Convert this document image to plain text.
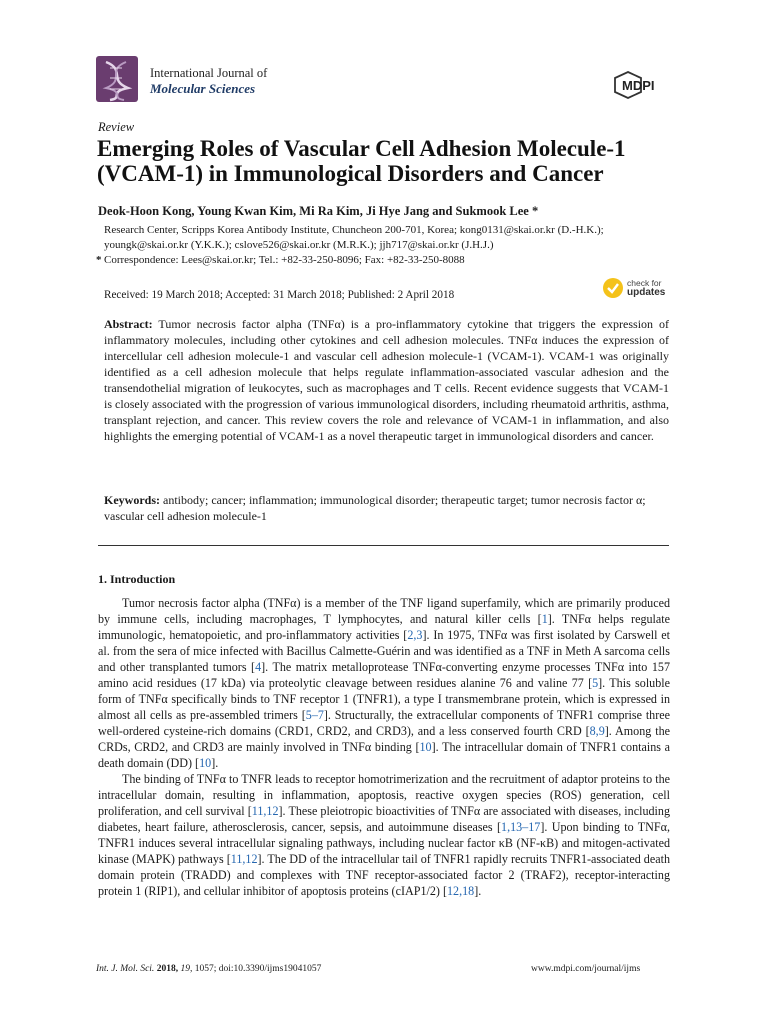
International Journal of
Molecular Sciences	MDPI
Review
Emerging Roles of Vascular Cell Adhesion Molecule-1
(VCAM-1) in Immunological Disorders and Cancer
Deok-Hoon Kong, Young Kwan Kim, Mi Ra Kim, Ji Hye Jang and Sukmook Lee *
Research Center, Scripps Korea Antibody Institute, Chuncheon 200-701, Korea; kong0131@skai.or.kr (D.-H.K.);
youngk@skai.or.kr (Y.K.K.); cslove526@skai.or.kr (M.R.K.); jjh717@skai.or.kr (J.H.J.)
* Correspondence: Lees@skai.or.kr; Tel.: +82-33-250-8096; Fax: +82-33-250-8088
check for
updates
Received: 19 March 2018; Accepted: 31 March 2018; Published: 2 April 2018
Abstract: Tumor necrosis factor alpha (TNFα) is a pro-inflammatory cytokine that triggers the expression of inflammatory molecules, including other cytokines and cell adhesion molecules. TNFα induces the expression of intercellular cell adhesion molecule-1 and vascular cell adhesion molecule-1 (VCAM-1). VCAM-1 was originally identified as a cell adhesion molecule that helps regulate inflammation-associated vascular adhesion and the transendothelial migration of leukocytes, such as macrophages and T cells. Recent evidence suggests that VCAM-1 is closely associated with the progression of various immunological disorders, including rheumatoid arthritis, asthma, transplant rejection, and cancer. This review covers the role and relevance of VCAM-1 in inflammation, and also highlights the emerging potential of VCAM-1 as a novel therapeutic target in immunological disorders and cancer.
Keywords: antibody; cancer; inflammation; immunological disorder; therapeutic target; tumor necrosis factor α; vascular cell adhesion molecule-1
1. Introduction

Tumor necrosis factor alpha (TNFα) is a member of the TNF ligand superfamily, which are primarily produced by immune cells, including macrophages, T lymphocytes, and natural killer cells [1]. TNFα helps regulate immunologic, hematopoietic, and pro-inflammatory activities [2,3]. In 1975, TNFα was first isolated by Carswell et al. from the sera of mice infected with Bacillus Calmette-Guérin and was identified as a TNF in Meth A sarcoma cells and other transplanted tumors [4]. The matrix metalloprotease TNFα-converting enzyme processes TNFα into 157 amino acid residues (17 kDa) via proteolytic cleavage between residues alanine 76 and valine 77 [5]. This soluble form of TNFα specifically binds to TNF receptor 1 (TNFR1), a type I transmembrane protein, which is expressed in almost all cells as pre-assembled trimers [5–7]. Structurally, the extracellular components of TNFR1 comprise three well-ordered cysteine-rich domains (CRD1, CRD2, and CRD3), and a less conserved fourth CRD [8,9]. Among the CRDs, CRD2, and CRD3 are mainly involved in TNFα binding [10]. The intracellular domain of TNFR1 contains a death domain (DD) [10].

The binding of TNFα to TNFR leads to receptor homotrimerization and the recruitment of adaptor proteins to the intracellular domain, resulting in inflammation, apoptosis, reactive oxygen species (ROS) generation, cell proliferation, and cell survival [11,12]. These pleiotropic bioactivities of TNFα are associated with diseases, including diabetes, heart failure, atherosclerosis, cancer, sepsis, and autoimmune diseases [1,13–17]. Upon binding to TNFα, TNFR1 induces several intracellular signaling pathways, including nuclear factor κB (NF-κB) and mitogen-activated kinase (MAPK) pathways [11,12]. The DD of the intracellular tail of TNFR1 rapidly recruits TNFR1-associated death domain protein (TRADD) and complexes with TNF receptor-associated factor 2 (TRAF2), receptor-interacting protein 1 (RIP1), and cellular inhibitor of apoptosis proteins (cIAP1/2) [12,18].

Int. J. Mol. Sci. 2018, 19, 1057; doi:10.3390/ijms19041057	www.mdpi.com/journal/ijms
